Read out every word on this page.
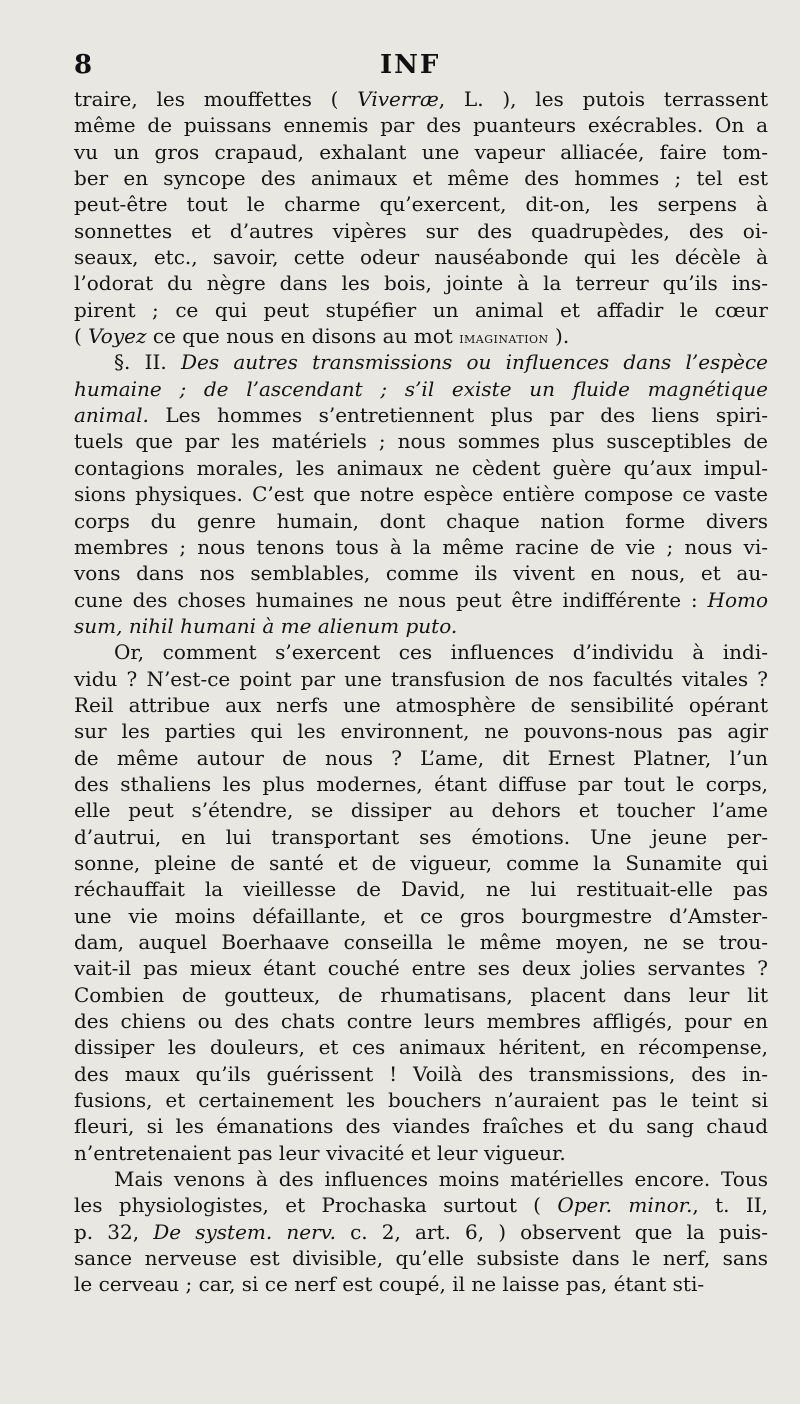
8	INF
traire, les mouffettes ( Viverræ, L. ), les putois terrassent
même de puissans ennemis par des puanteurs exécrables. On a
vu un gros crapaud, exhalant une vapeur alliacée, faire tom-
ber en syncope des animaux et même des hommes ; tel est
peut-être tout le charme qu’exercent, dit-on, les serpens à
sonnettes et d’autres vipères sur des quadrupèdes, des oi-
seaux, etc., savoir, cette odeur nauséabonde qui les décèle à
l’odorat du nègre dans les bois, jointe à la terreur qu’ils ins-
pirent ; ce qui peut stupéfier un animal et affadir le cœur
( Voyez ce que nous en disons au mot imagination ).
§. II. Des autres transmissions ou influences dans l’espèce
humaine ; de l’ascendant ; s’il existe un fluide magnétique
animal. Les hommes s’entretiennent plus par des liens spiri-
tuels que par les matériels ; nous sommes plus susceptibles de
contagions morales, les animaux ne cèdent guère qu’aux impul-
sions physiques. C’est que notre espèce entière compose ce vaste
corps du genre humain, dont chaque nation forme divers
membres ; nous tenons tous à la même racine de vie ; nous vi-
vons dans nos semblables, comme ils vivent en nous, et au-
cune des choses humaines ne nous peut être indifférente : Homo
sum, nihil humani à me alienum puto.
Or, comment s’exercent ces influences d’individu à indi-
vidu ? N’est-ce point par une transfusion de nos facultés vitales ?
Reil attribue aux nerfs une atmosphère de sensibilité opérant
sur les parties qui les environnent, ne pouvons-nous pas agir
de même autour de nous ? L’ame, dit Ernest Platner, l’un
des sthaliens les plus modernes, étant diffuse par tout le corps,
elle peut s’étendre, se dissiper au dehors et toucher l’ame
d’autrui, en lui transportant ses émotions. Une jeune per-
sonne, pleine de santé et de vigueur, comme la Sunamite qui
réchauffait la vieillesse de David, ne lui restituait-elle pas
une vie moins défaillante, et ce gros bourgmestre d’Amster-
dam, auquel Boerhaave conseilla le même moyen, ne se trou-
vait-il pas mieux étant couché entre ses deux jolies servantes ?
Combien de goutteux, de rhumatisans, placent dans leur lit
des chiens ou des chats contre leurs membres affligés, pour en
dissiper les douleurs, et ces animaux héritent, en récompense,
des maux qu’ils guérissent ! Voilà des transmissions, des in-
fusions, et certainement les bouchers n’auraient pas le teint si
fleuri, si les émanations des viandes fraîches et du sang chaud
n’entretenaient pas leur vivacité et leur vigueur.
Mais venons à des influences moins matérielles encore. Tous
les physiologistes, et Prochaska surtout ( Oper. minor., t. II,
p. 32, De system. nerv. c. 2, art. 6, ) observent que la puis-
sance nerveuse est divisible, qu’elle subsiste dans le nerf, sans
le cerveau ; car, si ce nerf est coupé, il ne laisse pas, étant sti-
